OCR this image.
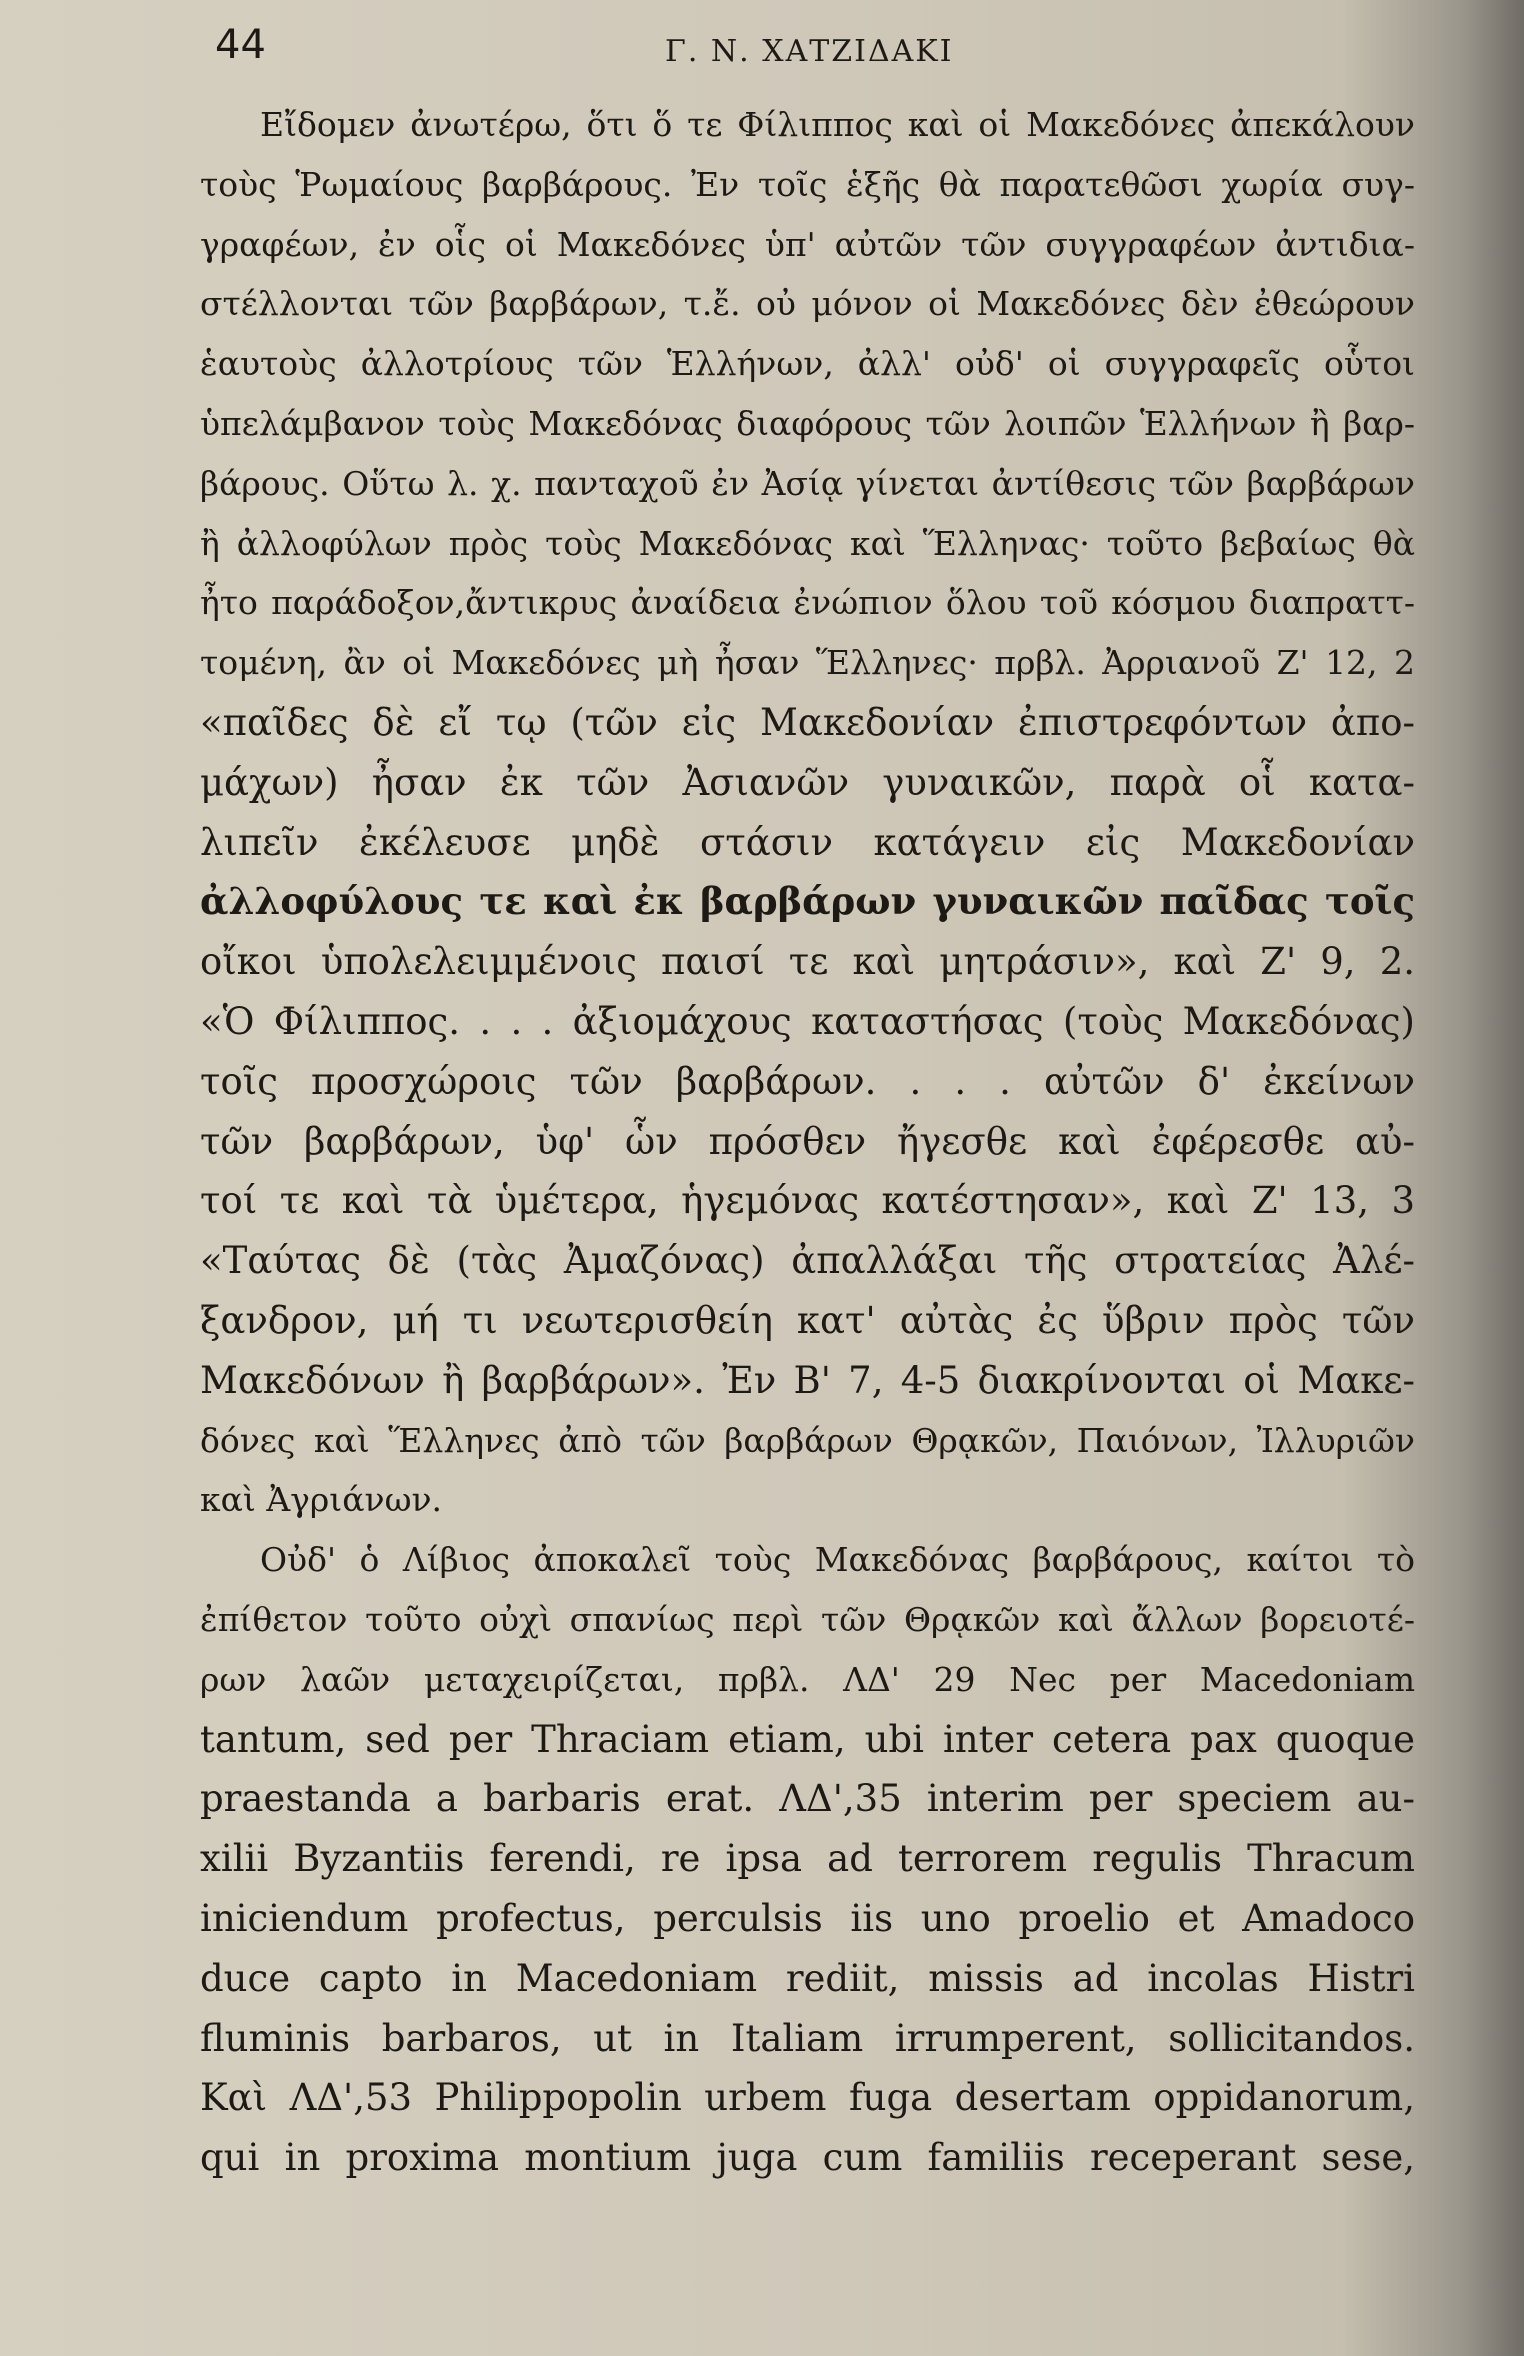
44	Γ. Ν. ΧΑΤΖΙΔΑΚΙ
Εἴδομεν ἀνωτέρω, ὅτι ὅ τε Φίλιππος καὶ οἱ Μακεδόνες ἀπεκάλουν
τοὺς Ῥωμαίους βαρβάρους. Ἐν τοῖς ἑξῆς θὰ παρατεθῶσι χωρία συγ-
γραφέων, ἐν οἷς οἱ Μακεδόνες ὑπ' αὐτῶν τῶν συγγραφέων ἀντιδια-
στέλλονται τῶν βαρβάρων, τ.ἔ. οὐ μόνον οἱ Μακεδόνες δὲν ἐθεώρουν
ἑαυτοὺς ἀλλοτρίους τῶν Ἑλλήνων, ἀλλ' οὐδ' οἱ συγγραφεῖς οὗτοι
ὑπελάμβανον τοὺς Μακεδόνας διαφόρους τῶν λοιπῶν Ἑλλήνων ἢ βαρ-
βάρους. Οὕτω λ. χ. πανταχοῦ ἐν Ἀσίᾳ γίνεται ἀντίθεσις τῶν βαρβάρων
ἢ ἀλλοφύλων πρὸς τοὺς Μακεδόνας καὶ Ἕλληνας· τοῦτο βεβαίως θὰ
ἦτο παράδοξον,ἄντικρυς ἀναίδεια ἐνώπιον ὅλου τοῦ κόσμου διαπραττ-
τομένη, ἂν οἱ Μακεδόνες μὴ ἦσαν Ἕλληνες· πρβλ. Ἀρριανοῦ Ζ' 12, 2
«παῖδες δὲ εἴ τῳ (τῶν εἰς Μακεδονίαν ἐπιστρεφόντων ἀπο-
μάχων) ἦσαν ἐκ τῶν Ἀσιανῶν γυναικῶν, παρὰ οἷ κατα-
λιπεῖν ἐκέλευσε μηδὲ στάσιν κατάγειν εἰς Μακεδονίαν
ἀλλοφύλους τε καὶ ἐκ βαρβάρων γυναικῶν παῖδας τοῖς
οἴκοι ὑπολελειμμένοις παισί τε καὶ μητράσιν», καὶ Ζ' 9, 2.
«Ὁ Φίλιππος. . . . ἀξιομάχους καταστήσας (τοὺς Μακεδόνας)
τοῖς προσχώροις τῶν βαρβάρων. . . . αὐτῶν δ' ἐκείνων
τῶν βαρβάρων, ὑφ' ὧν πρόσθεν ἤγεσθε καὶ ἐφέρεσθε αὐ-
τοί τε καὶ τὰ ὑμέτερα, ἡγεμόνας κατέστησαν», καὶ Ζ' 13, 3
«Ταύτας δὲ (τὰς Ἀμαζόνας) ἀπαλλάξαι τῆς στρατείας Ἀλέ-
ξανδρον, μή τι νεωτερισθείη κατ' αὐτὰς ἐς ὕβριν πρὸς τῶν
Μακεδόνων ἢ βαρβάρων». Ἐν Β' 7, 4-5 διακρίνονται οἱ Μακε-
δόνες καὶ Ἕλληνες ἀπὸ τῶν βαρβάρων Θρᾳκῶν, Παιόνων, Ἰλλυριῶν
καὶ Ἀγριάνων.
Οὐδ' ὁ Λίβιος ἀποκαλεῖ τοὺς Μακεδόνας βαρβάρους, καίτοι τὸ
ἐπίθετον τοῦτο οὐχὶ σπανίως περὶ τῶν Θρᾳκῶν καὶ ἄλλων βορειοτέ-
ρων λαῶν μεταχειρίζεται, πρβλ. ΛΔ' 29 Nec per Macedoniam
tantum, sed per Thraciam etiam, ubi inter cetera pax quoque
praestanda a barbaris erat. ΛΔ',35 interim per speciem au-
xilii Byzantiis ferendi, re ipsa ad terrorem regulis Thracum
iniciendum profectus, perculsis iis uno proelio et Amadoco
duce capto in Macedoniam rediit, missis ad incolas Histri
fluminis barbaros, ut in Italiam irrumperent, sollicitandos.
Καὶ ΛΔ',53 Philippopolin urbem fuga desertam oppidanorum,
qui in proxima montium juga cum familiis receperant sese,
